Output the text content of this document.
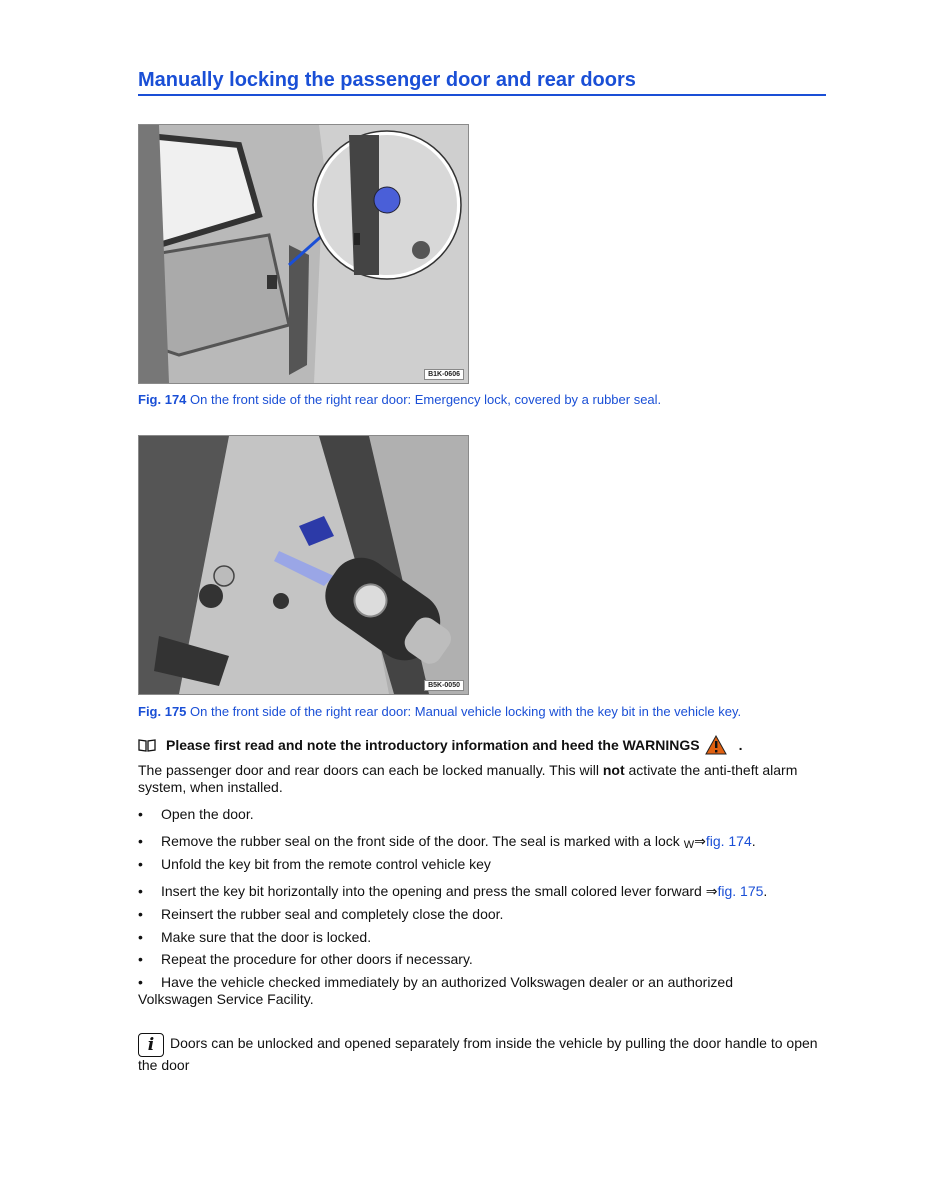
Manually locking the passenger door and rear doors
B1K-0606
Fig. 174 On the front side of the right rear door: Emergency lock, covered by a rubber seal.
B5K-0050
Fig. 175 On the front side of the right rear door: Manual vehicle locking with the key bit in the vehicle key.
Please first read and note the introductory information and heed the WARNINGS	.
The passenger door and rear doors can each be locked manually. This will not activate the anti-theft alarm system, when installed.
• Open the door.
• Remove the rubber seal on the front side of the door. The seal is marked with a lock W⇒fig. 174.
• Unfold the key bit from the remote control vehicle key
• Insert the key bit horizontally into the opening and press the small colored lever forward ⇒fig. 175.
• Reinsert the rubber seal and completely close the door.
• Make sure that the door is locked.
• Repeat the procedure for other doors if necessary.
•	Have the vehicle checked immediately by an authorized Volkswagen dealer or an authorized Volkswagen Service Facility.
i Doors can be unlocked and opened separately from inside the vehicle by pulling the door handle to open the door
